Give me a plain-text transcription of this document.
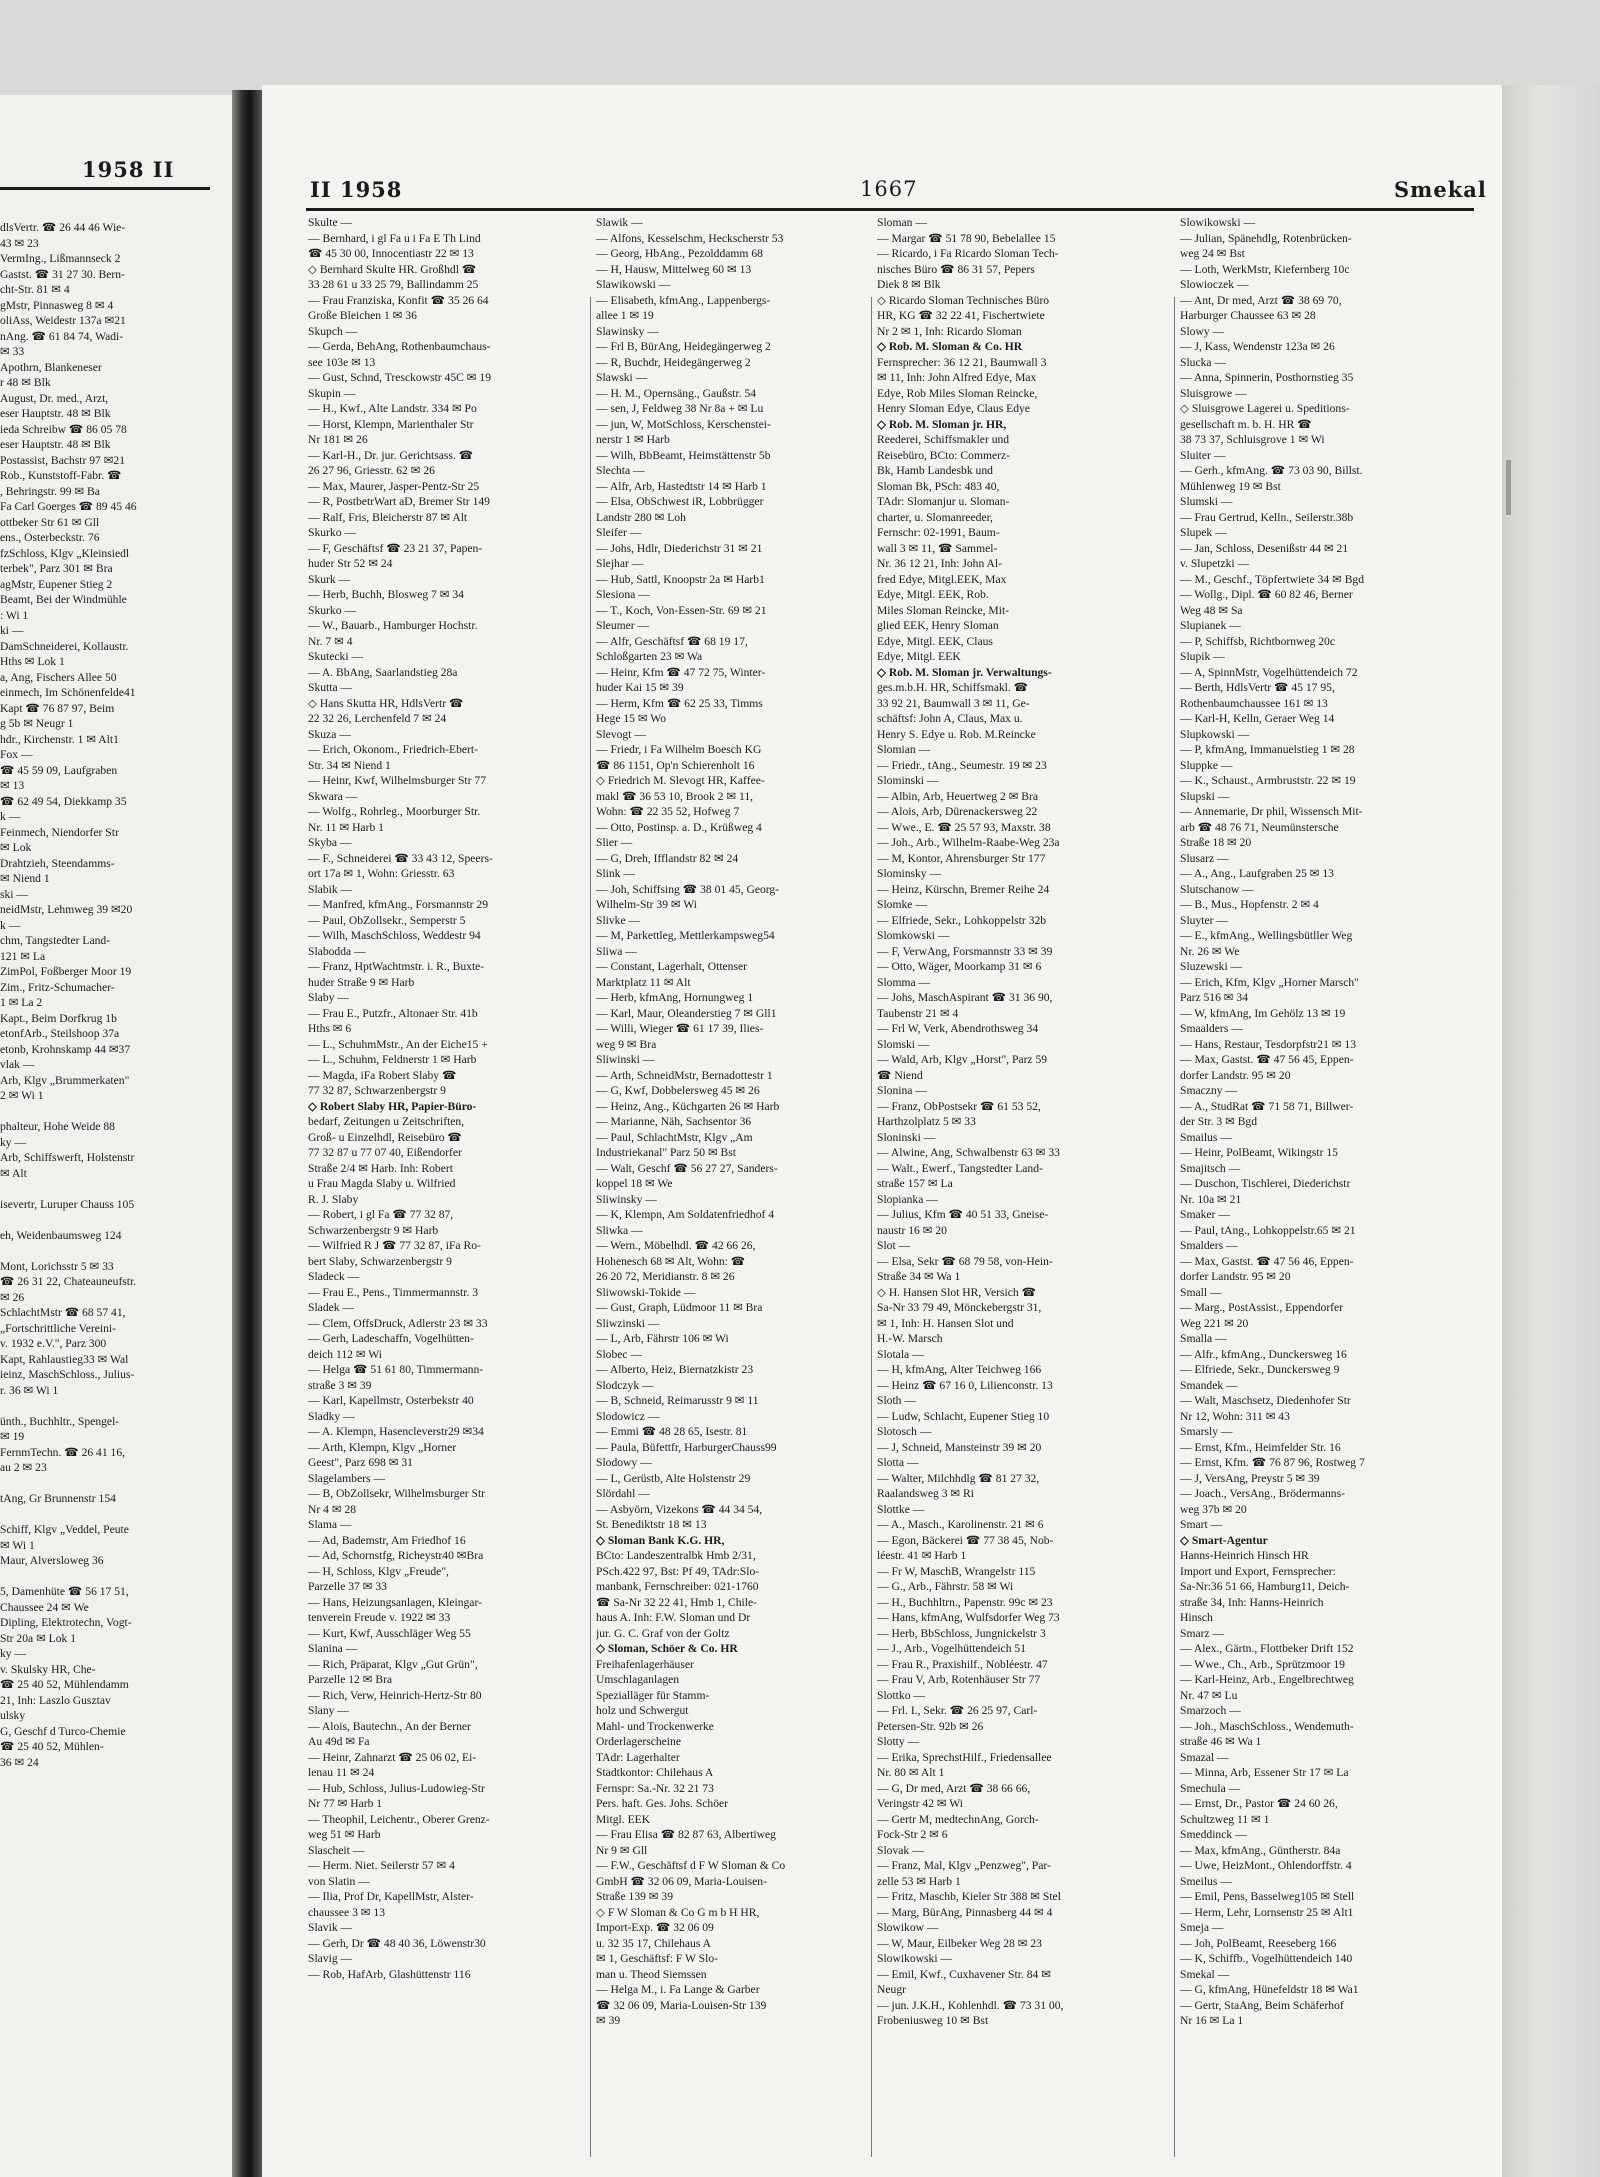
1958 II
dlsVertr. ☎ 26 44 46 Wie-
43 ✉ 23
VermIng., Lißmannseck 2
Gastst. ☎ 31 27 30. Bern-
cht-Str. 81 ✉ 4
gMstr, Pinnasweg 8 ✉ 4
oliAss, Weidestr 137a ✉21
nAng. ☎ 61 84 74, Wadi-
✉ 33
Apothrn, Blankeneser
r 48 ✉ Blk
August, Dr. med., Arzt,
eser Hauptstr. 48 ✉ Blk
ieda Schreibw ☎ 86 05 78
eser Hauptstr. 48 ✉ Blk
Postassist, Bachstr 97 ✉21
Rob., Kunststoff-Fabr. ☎
, Behringstr. 99 ✉ Ba
Fa Carl Goerges ☎ 89 45 46
ottbeker Str 61 ✉ Gll
ens., Osterbeckstr. 76
fzSchloss, Klgv „Kleinsiedl
terbek", Parz 301 ✉ Bra
agMstr, Eupener Stieg 2
Beamt, Bei der Windmühle
: Wi 1
ki —
DamSchneiderei, Kollaustr.
Hths ✉ Lok 1
a, Ang, Fischers Allee 50
einmech, Im Schönenfelde41
Kapt ☎ 76 87 97, Beim
g 5b ✉ Neugr 1
hdr., Kirchenstr. 1 ✉ Alt1
Fox —
☎ 45 59 09, Laufgraben
✉ 13
☎ 62 49 54, Diekkamp 35
k —
Feinmech, Niendorfer Str
✉ Lok
Drahtzieh, Steendamms-
✉ Niend 1
ski —
neidMstr, Lehmweg 39 ✉20
k —
chm, Tangstedter Land-
121 ✉ La
ZimPol, Foßberger Moor 19
Zim., Fritz-Schumacher-
1 ✉ La 2
Kapt., Beim Dorfkrug 1b
etonfArb., Steilshoop 37a
etonb, Krohnskamp 44 ✉37
vlak —
Arb, Klgv „Brummerkaten"
2 ✉ Wi 1

phalteur, Hohe Weide 88
ky —
Arb, Schiffswerft, Holstenstr
✉ Alt

isevertr, Luruper Chauss 105

eh, Weidenbaumsweg 124

Mont, Lorichsstr 5 ✉ 33
☎ 26 31 22, Chateauneufstr.
✉ 26
SchlachtMstr ☎ 68 57 41,
„Fortschrittliche Vereini-
v. 1932 e.V.", Parz 300
Kapt, Rahlaustieg33 ✉ Wal
ieinz, MaschSchloss., Julius-
r. 36 ✉ Wi 1

ünth., Buchhltr., Spengel-
✉ 19
FernmTechn. ☎ 26 41 16,
au 2 ✉ 23

tAng, Gr Brunnenstr 154

Schiff, Klgv „Veddel, Peute
✉ Wi 1
Maur, Alversloweg 36

5, Damenhüte ☎ 56 17 51,
Chaussee 24 ✉ We
Dipling, Elektrotechn, Vogt-
Str 20a ✉ Lok 1
ky —
v. Skulsky HR, Che-
☎ 25 40 52, Mühlendamm
21, Inh: Laszlo Gusztav
ulsky
G, Geschf d Turco-Chemie
☎ 25 40 52, Mühlen-
36 ✉ 24
II 1958	1667	Smekal
Skulte —
— Bernhard, i gl Fa u i Fa E Th Lind
☎ 45 30 00, Innocentiastr 22 ✉ 13
◇ Bernhard Skulte HR. Großhdl ☎
33 28 61 u 33 25 79, Ballindamm 25
— Frau Franziska, Konfit ☎ 35 26 64
Große Bleichen 1 ✉ 36
Skupch —
— Gerda, BehAng, Rothenbaumchaus-
see 103e ✉ 13
— Gust, Schnd, Tresckowstr 45C ✉ 19
Skupin —
— H., Kwf., Alte Landstr. 334 ✉ Po
— Horst, Klempn, Marienthaler Str
Nr 181 ✉ 26
— Karl-H., Dr. jur. Gerichtsass. ☎
26 27 96, Griesstr. 62 ✉ 26
— Max, Maurer, Jasper-Pentz-Str 25
— R, PostbetrWart aD, Bremer Str 149
— Ralf, Fris, Bleicherstr 87 ✉ Alt
Skurko —
— F, Geschäftsf ☎ 23 21 37, Papen-
huder Str 52 ✉ 24
Skurk —
— Herb, Buchh, Blosweg 7 ✉ 34
Skurko —
— W., Bauarb., Hamburger Hochstr.
Nr. 7 ✉ 4
Skutecki —
— A. BbAng, Saarlandstieg 28a
Skutta —
◇ Hans Skutta HR, HdlsVertr ☎
22 32 26, Lerchenfeld 7 ✉ 24
Skuza —
— Erich, Okonom., Friedrich-Ebert-
Str. 34 ✉ Niend 1
— Heinr, Kwf, Wilhelmsburger Str 77
Skwara —
— Wolfg., Rohrleg., Moorburger Str.
Nr. 11 ✉ Harb 1
Skyba —
— F., Schneiderei ☎ 33 43 12, Speers-
ort 17a ✉ 1, Wohn: Griesstr. 63
Slabik —
— Manfred, kfmAng., Forsmannstr 29
— Paul, ObZollsekr., Semperstr 5
— Wilh, MaschSchloss, Weddestr 94
Slabodda —
— Franz, HptWachtmstr. i. R., Buxte-
huder Straße 9 ✉ Harb
Slaby —
— Frau E., Putzfr., Altonaer Str. 41b
Hths ✉ 6
— L., SchuhmMstr., An der Eiche15 +
— L., Schuhm, Feldnerstr 1 ✉ Harb
— Magda, iFa Robert Slaby ☎
77 32 87, Schwarzenbergstr 9
◇ Robert Slaby HR, Papier-Büro-
bedarf, Zeitungen u Zeitschriften,
Groß- u Einzelhdl, Reisebüro ☎
77 32 87 u 77 07 40, Eißendorfer
Straße 2/4 ✉ Harb. Inh: Robert
u Frau Magda Slaby u. Wilfried
R. J. Slaby
— Robert, i gl Fa ☎ 77 32 87,
Schwarzenbergstr 9 ✉ Harb
— Wilfried R J ☎ 77 32 87, iFa Ro-
bert Slaby, Schwarzenbergstr 9
Sladeck —
— Frau E., Pens., Timmermannstr. 3
Sladek —
— Clem, OffsDruck, Adlerstr 23 ✉ 33
— Gerh, Ladeschaffn, Vogelhütten-
deich 112 ✉ Wi
— Helga ☎ 51 61 80, Timmermann-
straße 3 ✉ 39
— Karl, Kapellmstr, Osterbekstr 40
Sladky —
— A. Klempn, Hasencleverstr29 ✉34
— Arth, Klempn, Klgv „Horner
Geest", Parz 698 ✉ 31
Slagelambers —
— B, ObZollsekr, Wilhelmsburger Str
Nr 4 ✉ 28
Slama —
— Ad, Bademstr, Am Friedhof 16
— Ad, Schornstfg, Richeystr40 ✉Bra
— H, Schloss, Klgv „Freude",
Parzelle 37 ✉ 33
— Hans, Heizungsanlagen, Kleingar-
tenverein Freude v. 1922 ✉ 33
— Kurt, Kwf, Ausschläger Weg 55
Slanina —
— Rich, Präparat, Klgv „Gut Grün",
Parzelle 12 ✉ Bra
— Rich, Verw, Heinrich-Hertz-Str 80
Slany —
— Alois, Bautechn., An der Berner
Au 49d ✉ Fa
— Heinr, Zahnarzt ☎ 25 06 02, Ei-
lenau 11 ✉ 24
— Hub, Schloss, Julius-Ludowieg-Str
Nr 77 ✉ Harb 1
— Theophil, Leichentr., Oberer Grenz-
weg 51 ✉ Harb
Slascheit —
— Herm. Niet. Seilerstr 57 ✉ 4
von Slatin —
— Ilia, Prof Dr, KapellMstr, Alster-
chaussee 3 ✉ 13
Slavik —
— Gerh, Dr ☎ 48 40 36, Löwenstr30
Slavig —
— Rob, HafArb, Glashüttenstr 116
Slawik —
— Alfons, Kesselschm, Heckscherstr 53
— Georg, HbAng., Pezolddamm 68
— H, Hausw, Mittelweg 60 ✉ 13
Slawikowski —
— Elisabeth, kfmAng., Lappenbergs-
allee 1 ✉ 19
Slawinsky —
— Frl B, BürAng, Heidegängerweg 2
— R, Buchdr, Heidegängerweg 2
Slawski —
— H. M., Opernsäng., Gaußstr. 54
— sen, J, Feldweg 38 Nr 8a + ✉ Lu
— jun, W, MotSchloss, Kerschenstei-
nerstr 1 ✉ Harb
— Wilh, BbBeamt, Heimstättenstr 5b
Slechta —
— Alfr, Arb, Hastedtstr 14 ✉ Harb 1
— Elsa, ObSchwest iR, Lobbrügger
Landstr 280 ✉ Loh
Sleifer —
— Johs, Hdlr, Diederichstr 31 ✉ 21
Slejhar —
— Hub, Sattl, Knoopstr 2a ✉ Harb1
Slesiona —
— T., Koch, Von-Essen-Str. 69 ✉ 21
Sleumer —
— Alfr, Geschäftsf ☎ 68 19 17,
Schloßgarten 23 ✉ Wa
— Heinr, Kfm ☎ 47 72 75, Winter-
huder Kai 15 ✉ 39
— Herm, Kfm ☎ 62 25 33, Timms
Hege 15 ✉ Wo
Slevogt —
— Friedr, i Fa Wilhelm Boesch KG
☎ 86 1151, Op'n Schierenholt 16
◇ Friedrich M. Slevogt HR, Kaffee-
makl ☎ 36 53 10, Brook 2 ✉ 11,
Wohn: ☎ 22 35 52, Hofweg 7
— Otto, Postinsp. a. D., Krüßweg 4
Slier —
— G, Dreh, Ifflandstr 82 ✉ 24
Slink —
— Joh, Schiffsing ☎ 38 01 45, Georg-
Wilhelm-Str 39 ✉ Wi
Slivke —
— M, Parkettleg, Mettlerkampsweg54
Sliwa —
— Constant, Lagerhalt, Ottenser
Marktplatz 11 ✉ Alt
— Herb, kfmAng, Hornungweg 1
— Karl, Maur, Oleanderstieg 7 ✉ Gll1
— Willi, Wieger ☎ 61 17 39, Ilies-
weg 9 ✉ Bra
Sliwinski —
— Arth, SchneidMstr, Bernadottestr 1
— G, Kwf, Dobbelersweg 45 ✉ 26
— Heinz, Ang., Küchgarten 26 ✉ Harb
— Marianne, Näh, Sachsentor 36
— Paul, SchlachtMstr, Klgv „Am
Industriekanal" Parz 50 ✉ Bst
— Walt, Geschf ☎ 56 27 27, Sanders-
koppel 18 ✉ We
Sliwinsky —
— K, Klempn, Am Soldatenfriedhof 4
Sliwka —
— Wern., Möbelhdl. ☎ 42 66 26,
Hohenesch 68 ✉ Alt, Wohn: ☎
26 20 72, Meridianstr. 8 ✉ 26
Sliwowski-Tokide —
— Gust, Graph, Lüdmoor 11 ✉ Bra
Sliwzinski —
— L, Arb, Fährstr 106 ✉ Wi
Slobec —
— Alberto, Heiz, Biernatzkistr 23
Slodczyk —
— B, Schneid, Reimarusstr 9 ✉ 11
Slodowicz —
— Emmi ☎ 48 28 65, Isestr. 81
— Paula, Büfettfr, HarburgerChauss99
Slodowy —
— L, Gerüstb, Alte Holstenstr 29
Slördahl —
— Asbyörn, Vizekons ☎ 44 34 54,
St. Benediktstr 18 ✉ 13
◇ Sloman Bank K.G. HR,
BCto: Landeszentralbk Hmb 2/31,
PSch.422 97, Bst: Pf 49, TAdr:Slo-
manbank, Fernschreiber: 021-1760
☎ Sa-Nr 32 22 41, Hmb 1, Chile-
haus A. Inh: F.W. Sloman und Dr
jur. G. C. Graf von der Goltz
◇ Sloman, Schöer & Co. HR
Freihafenlagerhäuser
Umschlaganlagen
Spezialläger für Stamm-
holz und Schwergut
Mahl- und Trockenwerke
Orderlagerscheine
TAdr: Lagerhalter
Stadtkontor: Chilehaus A
Fernspr: Sa.-Nr. 32 21 73
Pers. haft. Ges. Johs. Schöer
Mitgl. EEK
— Frau Elisa ☎ 82 87 63, Albertiweg
Nr 9 ✉ Gll
— F.W., Geschäftsf d F W Sloman & Co
GmbH ☎ 32 06 09, Maria-Louisen-
Straße 139 ✉ 39
◇ F W Sloman & Co G m b H HR,
Import-Exp. ☎ 32 06 09
u. 32 35 17, Chilehaus A
✉ 1, Geschäftsf: F W Slo-
man u. Theod Siemssen
— Helga M., i. Fa Lange & Garber
☎ 32 06 09, Maria-Louisen-Str 139
✉ 39
Sloman —
— Margar ☎ 51 78 90, Bebelallee 15
— Ricardo, i Fa Ricardo Sloman Tech-
nisches Büro ☎ 86 31 57, Pepers
Diek 8 ✉ Blk
◇ Ricardo Sloman Technisches Büro
HR, KG ☎ 32 22 41, Fischertwiete
Nr 2 ✉ 1, Inh: Ricardo Sloman
◇ Rob. M. Sloman & Co. HR
Fernsprecher: 36 12 21, Baumwall 3
✉ 11, Inh: John Alfred Edye, Max
Edye, Rob Miles Sloman Reincke,
Henry Sloman Edye, Claus Edye
◇ Rob. M. Sloman jr. HR,
Reederei, Schiffsmakler und
Reisebüro, BCto: Commerz-
Bk, Hamb Landesbk und
Sloman Bk, PSch: 483 40,
TAdr: Slomanjur u. Sloman-
charter, u. Slomanreeder,
Fernschr: 02-1991, Baum-
wall 3 ✉ 11, ☎ Sammel-
Nr. 36 12 21, Inh: John Al-
fred Edye, Mitgl.EEK, Max
Edye, Mitgl. EEK, Rob.
Miles Sloman Reincke, Mit-
glied EEK, Henry Sloman
Edye, Mitgl. EEK, Claus
Edye, Mitgl. EEK
◇ Rob. M. Sloman jr. Verwaltungs-
ges.m.b.H. HR, Schiffsmakl. ☎
33 92 21, Baumwall 3 ✉ 11, Ge-
schäftsf: John A, Claus, Max u.
Henry S. Edye u. Rob. M.Reincke
Slomian —
— Friedr., tAng., Seumestr. 19 ✉ 23
Slominski —
— Albin, Arb, Heuertweg 2 ✉ Bra
— Alois, Arb, Dürenackersweg 22
— Wwe., E. ☎ 25 57 93, Maxstr. 38
— Joh., Arb., Wilhelm-Raabe-Weg 23a
— M, Kontor, Ahrensburger Str 177
Slominsky —
— Heinz, Kürschn, Bremer Reihe 24
Slomke —
— Elfriede, Sekr., Lohkoppelstr 32b
Slomkowski —
— F, VerwAng, Forsmannstr 33 ✉ 39
— Otto, Wäger, Moorkamp 31 ✉ 6
Slomma —
— Johs, MaschAspirant ☎ 31 36 90,
Taubenstr 21 ✉ 4
— Frl W, Verk, Abendrothsweg 34
Slomski —
— Wald, Arb, Klgv „Horst", Parz 59
☎ Niend
Slonina —
— Franz, ObPostsekr ☎ 61 53 52,
Harthzolplatz 5 ✉ 33
Sloninski —
— Alwine, Ang, Schwalbenstr 63 ✉ 33
— Walt., Ewerf., Tangstedter Land-
straße 157 ✉ La
Slopianka —
— Julius, Kfm ☎ 40 51 33, Gneise-
naustr 16 ✉ 20
Slot —
— Elsa, Sekr ☎ 68 79 58, von-Hein-
Straße 34 ✉ Wa 1
◇ H. Hansen Slot HR, Versich ☎
Sa-Nr 33 79 49, Mönckebergstr 31,
✉ 1, Inh: H. Hansen Slot und
H.-W. Marsch
Slotala —
— H, kfmAng, Alter Teichweg 166
— Heinz ☎ 67 16 0, Lilienconstr. 13
Sloth —
— Ludw, Schlacht, Eupener Stieg 10
Slotosch —
— J, Schneid, Mansteinstr 39 ✉ 20
Slotta —
— Walter, Milchhdlg ☎ 81 27 32,
Raalandsweg 3 ✉ Ri
Slottke —
— A., Masch., Karolinenstr. 21 ✉ 6
— Egon, Bäckerei ☎ 77 38 45, Nob-
léestr. 41 ✉ Harb 1
— Fr W, MaschB, Wrangelstr 115
— G., Arb., Fährstr. 58 ✉ Wi
— H., Buchhltrn., Papenstr. 99c ✉ 23
— Hans, kfmAng, Wulfsdorfer Weg 73
— Herb, BbSchloss, Jungnickelstr 3
— J., Arb., Vogelhüttendeich 51
— Frau R., Praxishilf., Nobléestr. 47
— Frau V, Arb, Rotenhäuser Str 77
Slottko —
— Frl. I., Sekr. ☎ 26 25 97, Carl-
Petersen-Str. 92b ✉ 26
Slotty —
— Erika, SprechstHilf., Friedensallee
Nr. 80 ✉ Alt 1
— G, Dr med, Arzt ☎ 38 66 66,
Veringstr 42 ✉ Wi
— Gertr M, medtechnAng, Gorch-
Fock-Str 2 ✉ 6
Slovak —
— Franz, Mal, Klgv „Penzweg", Par-
zelle 53 ✉ Harb 1
— Fritz, Maschb, Kieler Str 388 ✉ Stel
— Marg, BürAng, Pinnasberg 44 ✉ 4
Slowikow —
— W, Maur, Eilbeker Weg 28 ✉ 23
Slowikowski —
— Emil, Kwf., Cuxhavener Str. 84 ✉
Neugr
— jun. J.K.H., Kohlenhdl. ☎ 73 31 00,
Frobeniusweg 10 ✉ Bst
Slowikowski —
— Julian, Spänehdlg, Rotenbrücken-
weg 24 ✉ Bst
— Loth, WerkMstr, Kiefernberg 10c
Slowioczek —
— Ant, Dr med, Arzt ☎ 38 69 70,
Harburger Chaussee 63 ✉ 28
Slowy —
— J, Kass, Wendenstr 123a ✉ 26
Slucka —
— Anna, Spinnerin, Posthornstieg 35
Sluisgrowe —
◇ Sluisgrowe Lagerei u. Speditions-
gesellschaft m. b. H. HR ☎
38 73 37, Schluisgrove 1 ✉ Wi
Sluiter —
— Gerh., kfmAng. ☎ 73 03 90, Billst.
Mühlenweg 19 ✉ Bst
Slumski —
— Frau Gertrud, Kelln., Seilerstr.38b
Slupek —
— Jan, Schloss, Desenißstr 44 ✉ 21
v. Slupetzki —
— M., Geschf., Töpfertwiete 34 ✉ Bgd
— Wollg., Dipl. ☎ 60 82 46, Berner
Weg 48 ✉ Sa
Slupianek —
— P, Schiffsb, Richtbornweg 20c
Slupik —
— A, SpinnMstr, Vogelhüttendeich 72
— Berth, HdlsVertr ☎ 45 17 95,
Rothenbaumchaussee 161 ✉ 13
— Karl-H, Kelln, Geraer Weg 14
Slupkowski —
— P, kfmAng, Immanuelstieg 1 ✉ 28
Sluppke —
— K., Schaust., Armbruststr. 22 ✉ 19
Slupski —
— Annemarie, Dr phil, Wissensch Mit-
arb ☎ 48 76 71, Neumünstersche
Straße 18 ✉ 20
Slusarz —
— A., Ang., Laufgraben 25 ✉ 13
Slutschanow —
— B., Mus., Hopfenstr. 2 ✉ 4
Sluyter —
— E., kfmAng., Wellingsbütller Weg
Nr. 26 ✉ We
Sluzewski —
— Erich, Kfm, Klgv „Horner Marsch"
Parz 516 ✉ 34
— W, kfmAng, Im Gehölz 13 ✉ 19
Smaalders —
— Hans, Restaur, Tesdorpfstr21 ✉ 13
— Max, Gastst. ☎ 47 56 45, Eppen-
dorfer Landstr. 95 ✉ 20
Smaczny —
— A., StudRat ☎ 71 58 71, Billwer-
der Str. 3 ✉ Bgd
Smailus —
— Heinr, PolBeamt, Wikingstr 15
Smajitsch —
— Duschon, Tischlerei, Diederichstr
Nr. 10a ✉ 21
Smaker —
— Paul, tAng., Lohkoppelstr.65 ✉ 21
Smalders —
— Max, Gastst. ☎ 47 56 46, Eppen-
dorfer Landstr. 95 ✉ 20
Small —
— Marg., PostAssist., Eppendorfer
Weg 221 ✉ 20
Smalla —
— Alfr., kfmAng., Dunckersweg 16
— Elfriede, Sekr., Dunckersweg 9
Smandek —
— Walt, Maschsetz, Diedenhofer Str
Nr 12, Wohn: 311 ✉ 43
Smarsly —
— Ernst, Kfm., Heimfelder Str. 16
— Ernst, Kfm. ☎ 76 87 96, Rostweg 7
— J, VersAng, Preystr 5 ✉ 39
— Joach., VersAng., Brödermanns-
weg 37b ✉ 20
Smart —
◇ Smart-Agentur
Hanns-Heinrich Hinsch HR
Import und Export, Fernsprecher:
Sa-Nr:36 51 66, Hamburg11, Deich-
straße 34, Inh: Hanns-Heinrich
Hinsch
Smarz —
— Alex., Gärtn., Flottbeker Drift 152
— Wwe., Ch., Arb., Sprützmoor 19
— Karl-Heinz, Arb., Engelbrechtweg
Nr. 47 ✉ Lu
Smarzoch —
— Joh., MaschSchloss., Wendemuth-
straße 46 ✉ Wa 1
Smazal —
— Minna, Arb, Essener Str 17 ✉ La
Smechula —
— Ernst, Dr., Pastor ☎ 24 60 26,
Schultzweg 11 ✉ 1
Smeddinck —
— Max, kfmAng., Güntherstr. 84a
— Uwe, HeizMont., Ohlendorffstr. 4
Smeilus —
— Emil, Pens, Basselweg105 ✉ Stell
— Herm, Lehr, Lornsenstr 25 ✉ Alt1
Smeja —
— Joh, PolBeamt, Reeseberg 166
— K, Schiffb., Vogelhüttendeich 140
Smekal —
— G, kfmAng, Hünefeldstr 18 ✉ Wa1
— Gertr, StaAng, Beim Schäferhof
Nr 16 ✉ La 1
